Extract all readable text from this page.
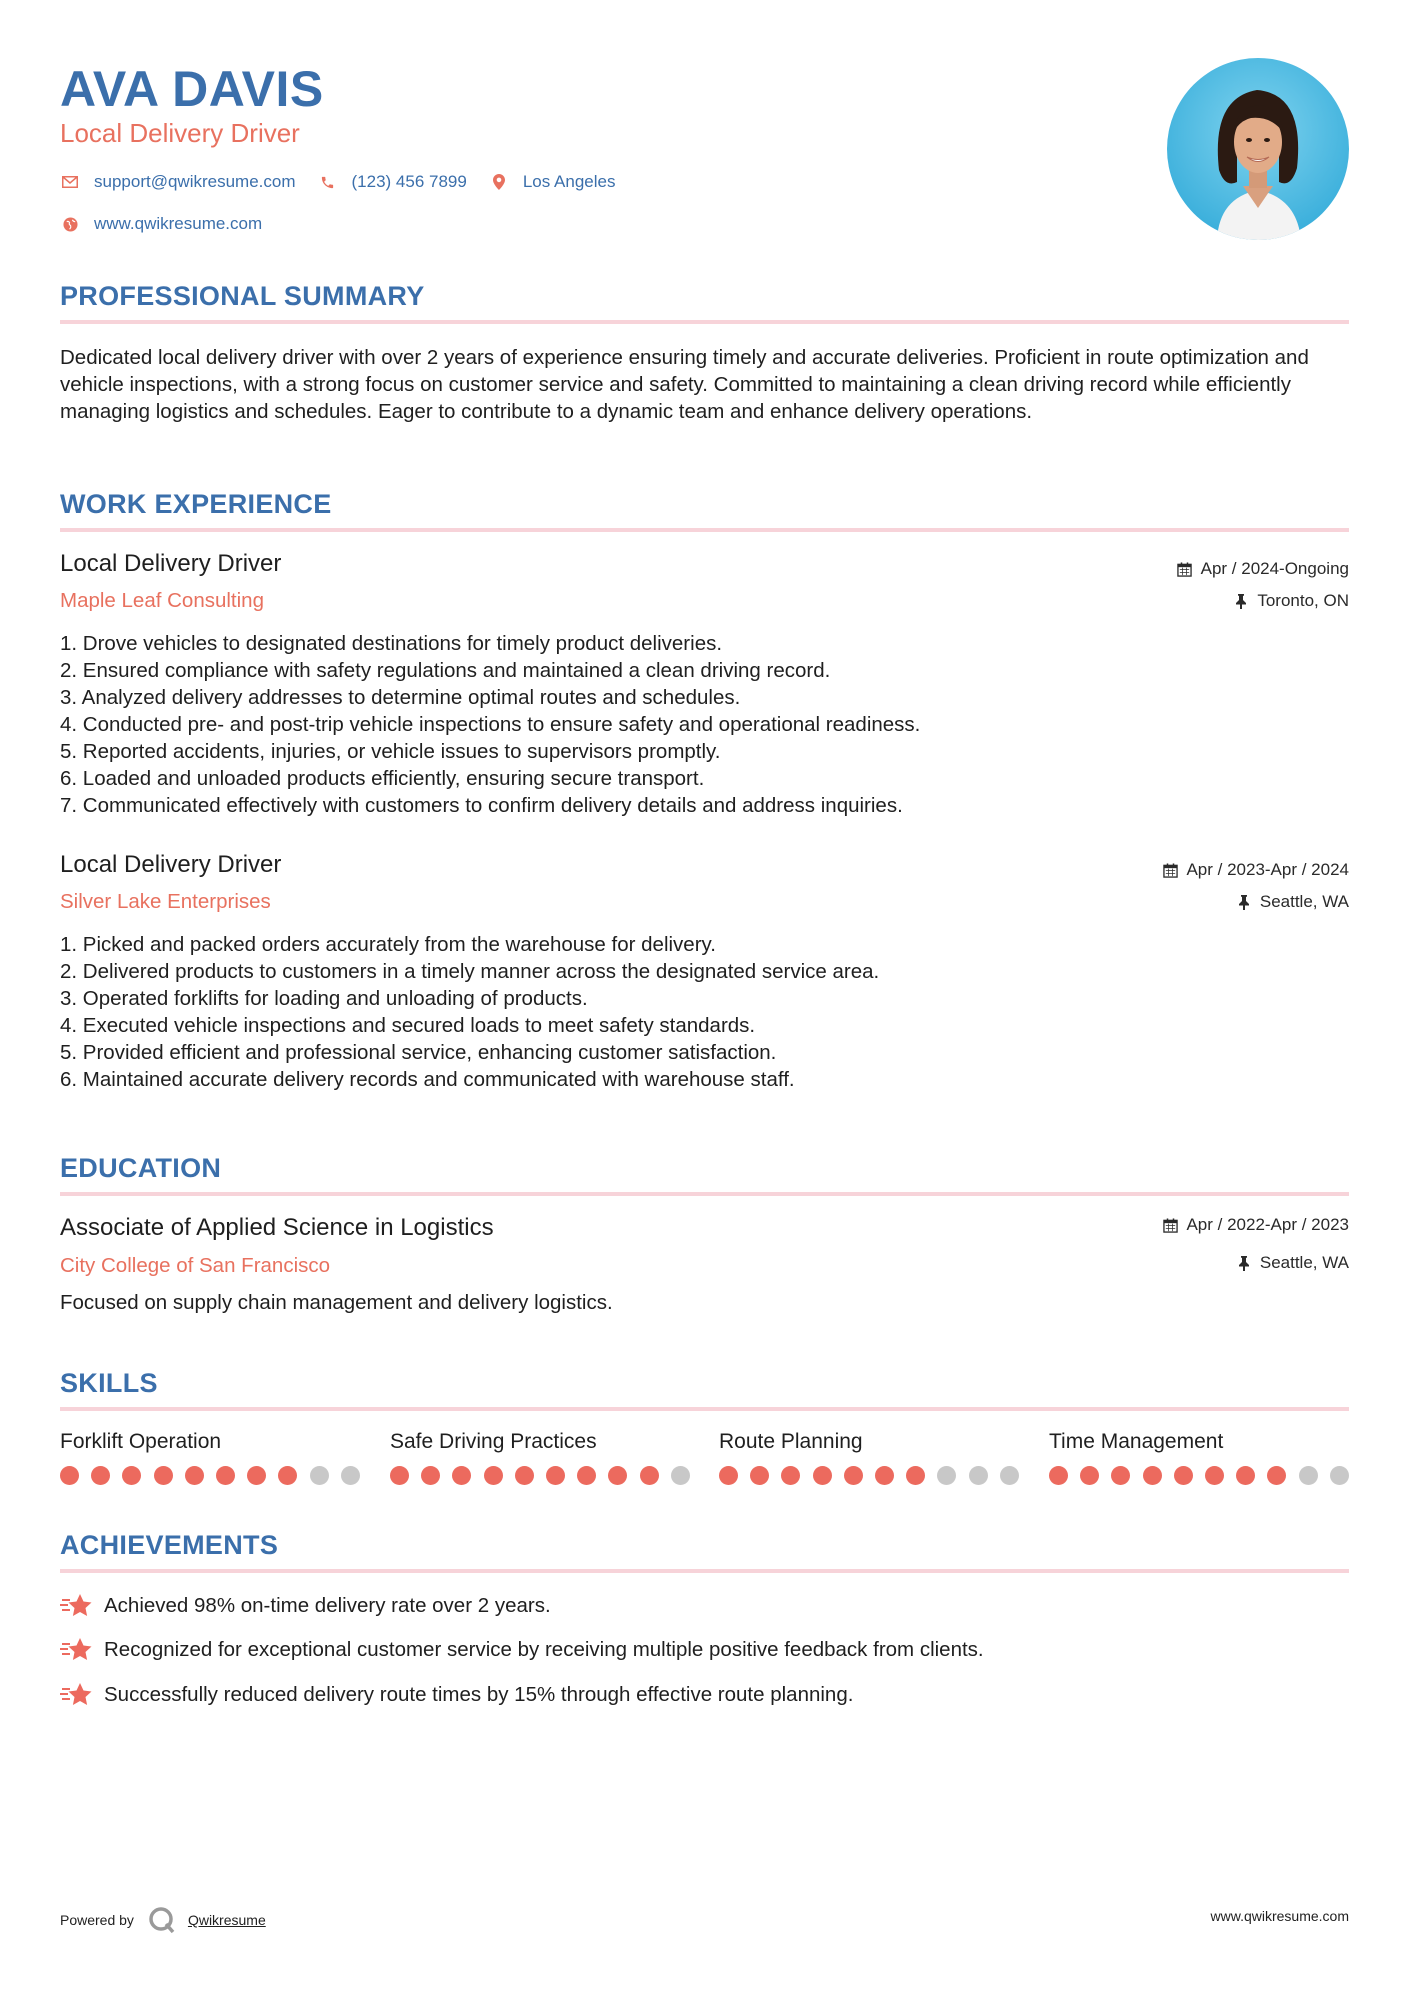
AVA DAVIS
Local Delivery Driver
support@qwikresume.com	(123) 456 7899	Los Angeles
www.qwikresume.com
PROFESSIONAL SUMMARY
Dedicated local delivery driver with over 2 years of experience ensuring timely and accurate deliveries. Proficient in route optimization and vehicle inspections, with a strong focus on customer service and safety. Committed to maintaining a clean driving record while efficiently managing logistics and schedules. Eager to contribute to a dynamic team and enhance delivery operations.
WORK EXPERIENCE
Local Delivery Driver
Maple Leaf Consulting
Apr / 2024-Ongoing
Toronto, ON
1. Drove vehicles to designated destinations for timely product deliveries.
2. Ensured compliance with safety regulations and maintained a clean driving record.
3. Analyzed delivery addresses to determine optimal routes and schedules.
4. Conducted pre- and post-trip vehicle inspections to ensure safety and operational readiness.
5. Reported accidents, injuries, or vehicle issues to supervisors promptly.
6. Loaded and unloaded products efficiently, ensuring secure transport.
7. Communicated effectively with customers to confirm delivery details and address inquiries.
Local Delivery Driver
Silver Lake Enterprises
Apr / 2023-Apr / 2024
Seattle, WA
1. Picked and packed orders accurately from the warehouse for delivery.
2. Delivered products to customers in a timely manner across the designated service area.
3. Operated forklifts for loading and unloading of products.
4. Executed vehicle inspections and secured loads to meet safety standards.
5. Provided efficient and professional service, enhancing customer satisfaction.
6. Maintained accurate delivery records and communicated with warehouse staff.
EDUCATION
Associate of Applied Science in Logistics
City College of San Francisco
Apr / 2022-Apr / 2023
Seattle, WA
Focused on supply chain management and delivery logistics.
SKILLS
Forklift Operation	Safe Driving Practices	Route Planning	Time Management
ACHIEVEMENTS
Achieved 98% on-time delivery rate over 2 years.
Recognized for exceptional customer service by receiving multiple positive feedback from clients.
Successfully reduced delivery route times by 15% through effective route planning.
Powered by	Qwikresume	www.qwikresume.com
